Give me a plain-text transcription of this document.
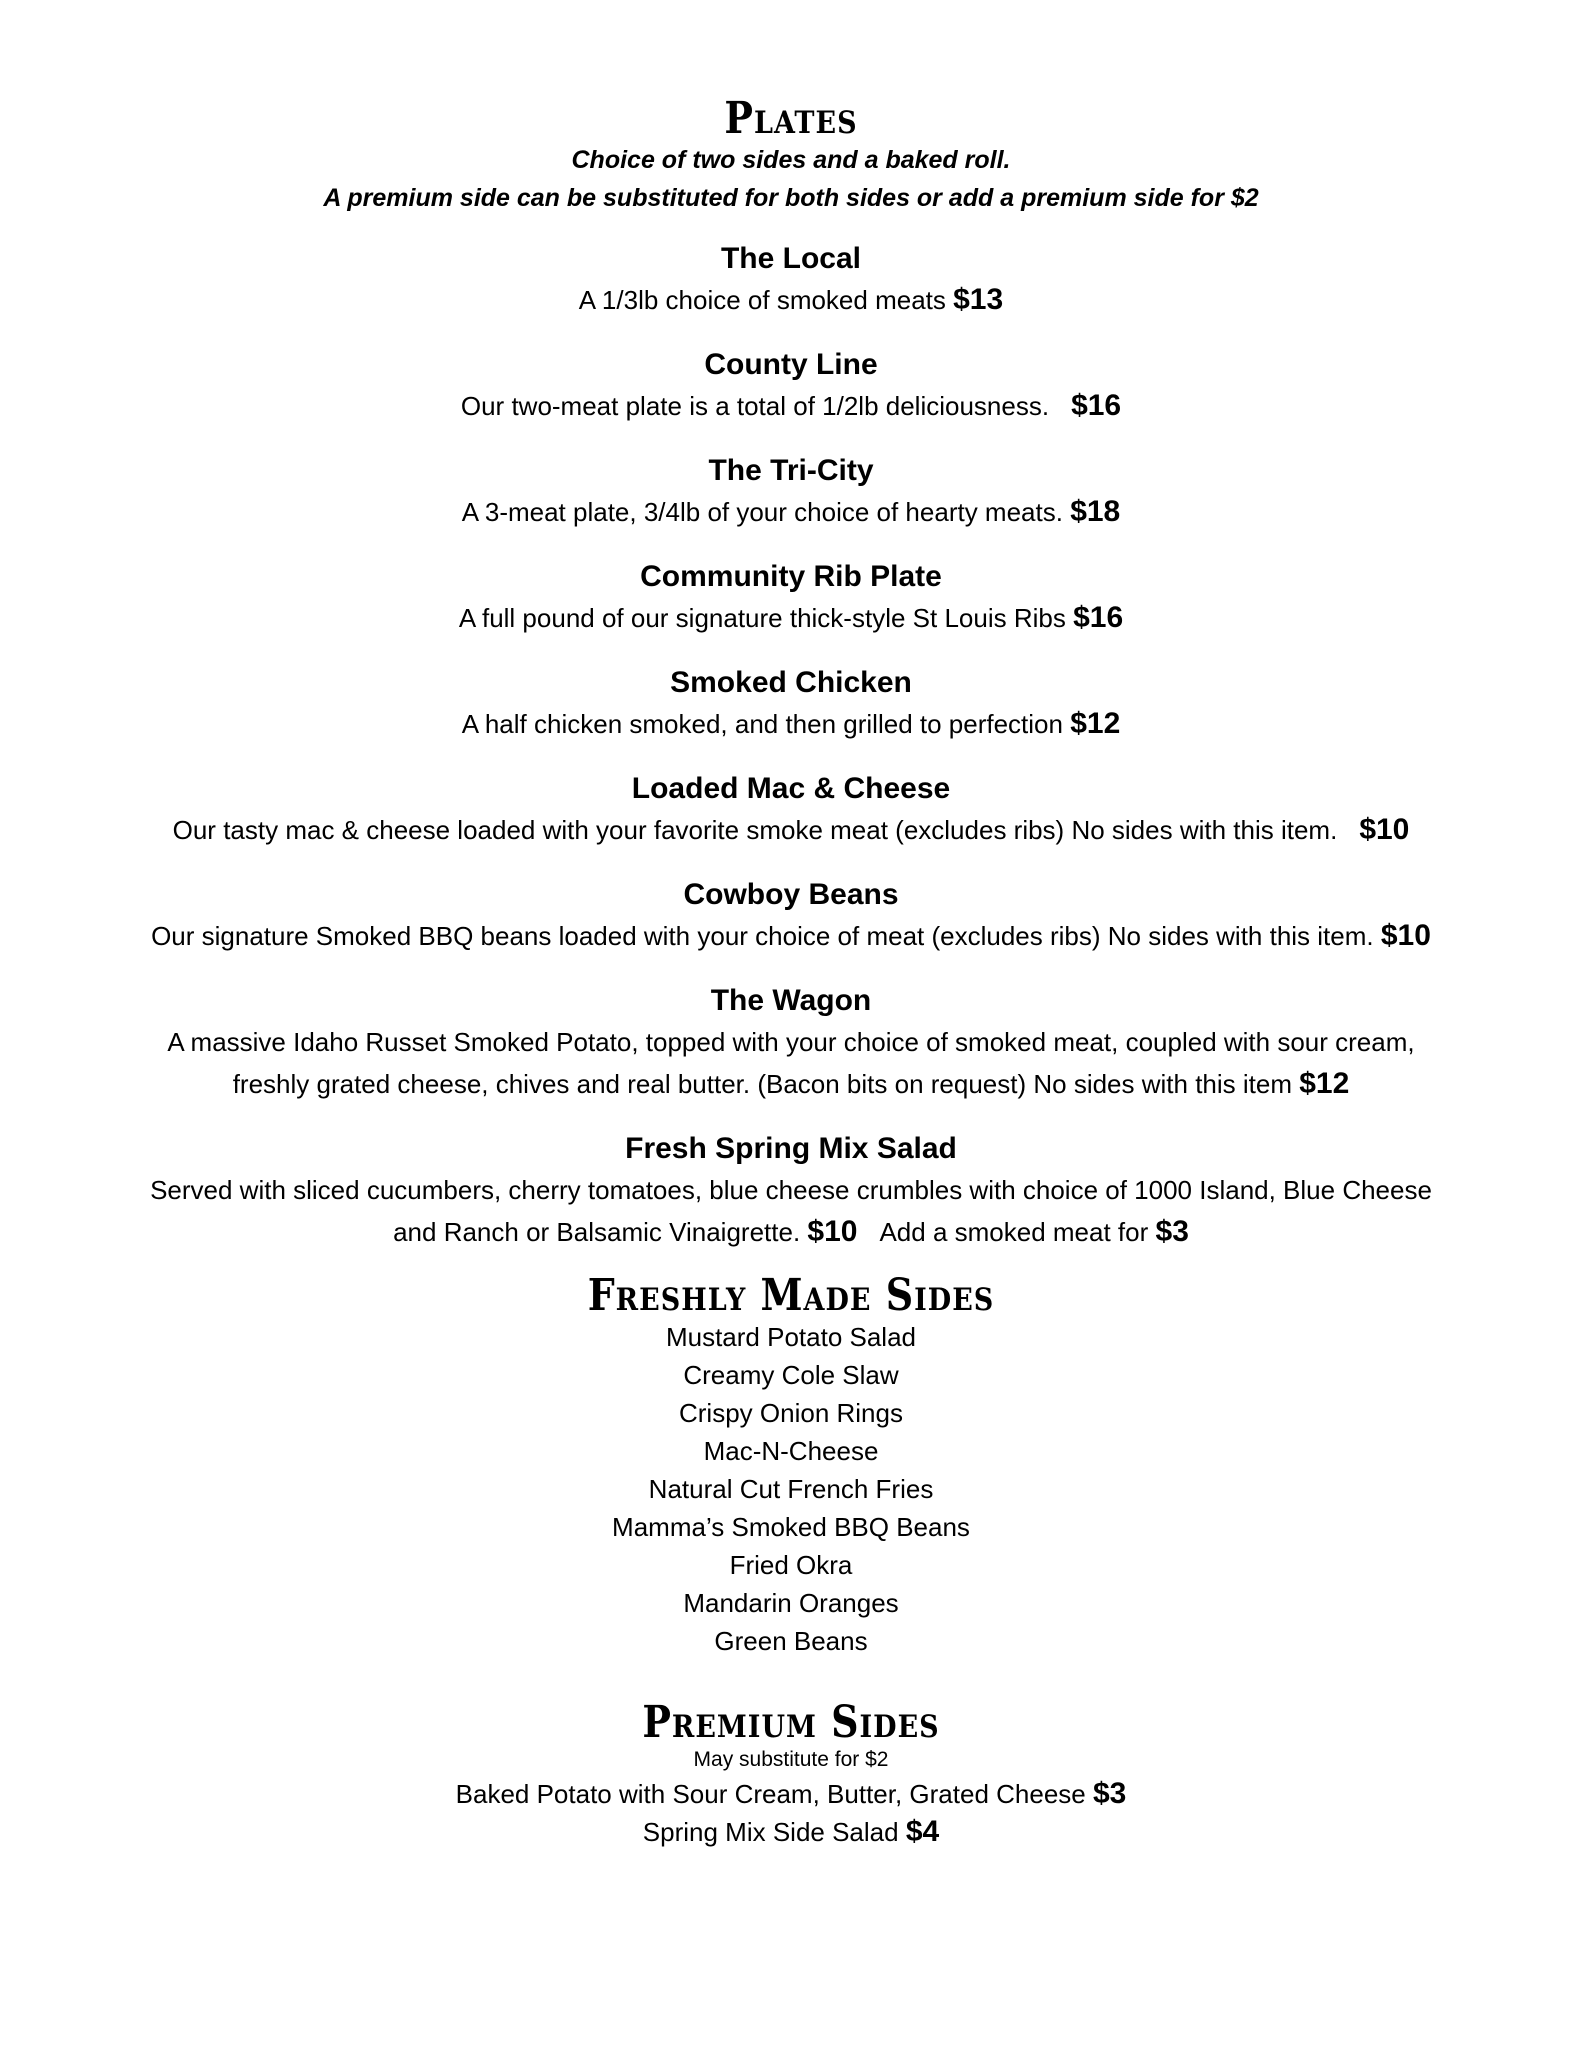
Plates
Choice of two sides and a baked roll.
A premium side can be substituted for both sides or add a premium side for $2
The Local
A 1/3lb choice of smoked meats $13
County Line
Our two-meat plate is a total of 1/2lb deliciousness. $16
The Tri-City
A 3-meat plate, 3/4lb of your choice of hearty meats. $18
Community Rib Plate
A full pound of our signature thick-style St Louis Ribs $16
Smoked Chicken
A half chicken smoked, and then grilled to perfection $12
Loaded Mac & Cheese
Our tasty mac & cheese loaded with your favorite smoke meat (excludes ribs) No sides with this item. $10
Cowboy Beans
Our signature Smoked BBQ beans loaded with your choice of meat (excludes ribs) No sides with this item. $10
The Wagon
A massive Idaho Russet Smoked Potato, topped with your choice of smoked meat, coupled with sour cream,
freshly grated cheese, chives and real butter. (Bacon bits on request) No sides with this item $12
Fresh Spring Mix Salad
Served with sliced cucumbers, cherry tomatoes, blue cheese crumbles with choice of 1000 Island, Blue Cheese
and Ranch or Balsamic Vinaigrette. $10 Add a smoked meat for $3
Freshly Made Sides
Mustard Potato Salad
Creamy Cole Slaw
Crispy Onion Rings
Mac-N-Cheese
Natural Cut French Fries
Mamma’s Smoked BBQ Beans
Fried Okra
Mandarin Oranges
Green Beans
Premium Sides
May substitute for $2
Baked Potato with Sour Cream, Butter, Grated Cheese $3
Spring Mix Side Salad $4
